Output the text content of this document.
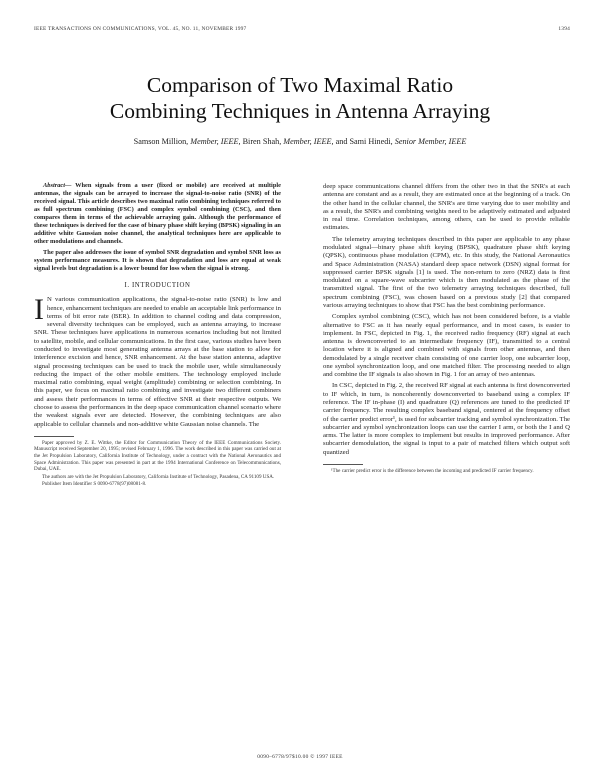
IEEE TRANSACTIONS ON COMMUNICATIONS, VOL. 45, NO. 11, NOVEMBER 1997	1394
Comparison of Two Maximal Ratio
Combining Techniques in Antenna Arraying
Samson Million, Member, IEEE, Biren Shah, Member, IEEE, and Sami Hinedi, Senior Member, IEEE

Abstract— When signals from a user (fixed or mobile) are received at multiple antennas, the signals can be arrayed to increase the signal-to-noise ratio (SNR) of the received signal. This article describes two maximal ratio combining techniques referred to as full spectrum combining (FSC) and complex symbol combining (CSC), and then compares them in terms of the achievable arraying gain. Although the performance of these techniques is derived for the case of binary phase shift keying (BPSK) signaling in an additive white Gaussian noise channel, the analytical techniques here are applicable to other modulations and channels.

The paper also addresses the issue of symbol SNR degradation and symbol SNR loss as system performance measures. It is shown that degradation and loss are equal at weak signal levels but degradation is a lower bound for loss when the signal is strong.

I. INTRODUCTION

I N various communication applications, the signal-to-noise ratio (SNR) is low and hence, enhancement techniques are needed to enable an acceptable link performance in terms of bit error rate (BER). In addition to channel coding and data compression, several diversity techniques can be employed, such as antenna arraying, to increase SNR. These techniques have applications in numerous scenarios including but not limited to satellite, mobile, and cellular communications. In the first case, various studies have been conducted to investigate most generating antenna arrays at the base station to allow for interference excision and hence, SNR enhancement. At the base station antenna, adaptive signal processing techniques can be used to track the mobile user, while simultaneously reducing the impact of the other mobile emitters. The technology employed include maximal ratio combining, equal weight (amplitude) combining or selection combining. In this paper, we focus on maximal ratio combining and investigate two different combiners and assess their performances in terms of effective SNR at their respective outputs. We choose to assess the performances in the deep space communication channel scenario where the weakest signals ever are detected. However, the combining techniques are also applicable to cellular channels and non-additive white Gaussian noise channels. The

Paper approved by Z. E. Wittke, the Editor for Communication Theory of the IEEE Communications Society. Manuscript received September 20, 1995; revised February 1, 1996. The work described in this paper was carried out at the Jet Propulsion Laboratory, California Institute of Technology, under a contract with the National Aeronautics and Space Administration. This paper was presented in part at the 1994 International Conference on Telecommunications, Dubai, UAE.

The authors are with the Jet Propulsion Laboratory, California Institute of Technology, Pasadena, CA 91109 USA.

Publisher Item Identifier S 0090-6778(97)08081-8.

deep space communications channel differs from the other two in that the SNR's at each antenna are constant and as a result, they are estimated once at the beginning of a track. On the other hand in the cellular channel, the SNR's are time varying due to user mobility and as a result, the SNR's and combining weights need to be adaptively estimated and adjusted in real time. Correlation techniques, among others, can be used to provide reliable estimates.

The telemetry arraying techniques described in this paper are applicable to any phase modulated signal—binary phase shift keying (BPSK), quadrature phase shift keying (QPSK), continuous phase modulation (CPM), etc. In this study, the National Aeronautics and Space Administration (NASA) standard deep space network (DSN) signal format for suppressed carrier BPSK signals [1] is used. The non-return to zero (NRZ) data is first modulated on a square-wave subcarrier which is then modulated as the phase of the transmitted signal. The first of the two telemetry arraying techniques described, full spectrum combining (FSC), was chosen based on a previous study [2] that compared various arraying techniques to show that FSC has the best combining performance.

Complex symbol combining (CSC), which has not been considered before, is a viable alternative to FSC as it has nearly equal performance, and in most cases, is easier to implement. In FSC, depicted in Fig. 1, the received radio frequency (RF) signal at each antenna is downconverted to an intermediate frequency (IF), transmitted to a central location where it is aligned and combined with signals from other antennas, and then demodulated by a single receiver chain consisting of one carrier loop, one subcarrier loop, one symbol synchronization loop, and one matched filter. The processing needed to align and combine the IF signals is also shown in Fig. 1 for an array of two antennas.

In CSC, depicted in Fig. 2, the received RF signal at each antenna is first downconverted to IF which, in turn, is noncoherently downconverted to baseband using a complex IF reference. The IF in-phase (I) and quadrature (Q) references are tuned to the predicted IF carrier frequency. The resulting complex baseband signal, centered at the frequency offset of the carrier predict error¹, is used for subcarrier tracking and symbol synchronization. The subcarrier and symbol synchronization loops can use the carrier I arm, or both the I and Q arms. The latter is more complex to implement but results in improved performance. After subcarrier demodulation, the signal is input to a pair of matched filters which output soft quantized

¹The carrier predict error is the difference between the incoming and predicted IF carrier frequency.

0090–6778/97$10.00 © 1997 IEEE
